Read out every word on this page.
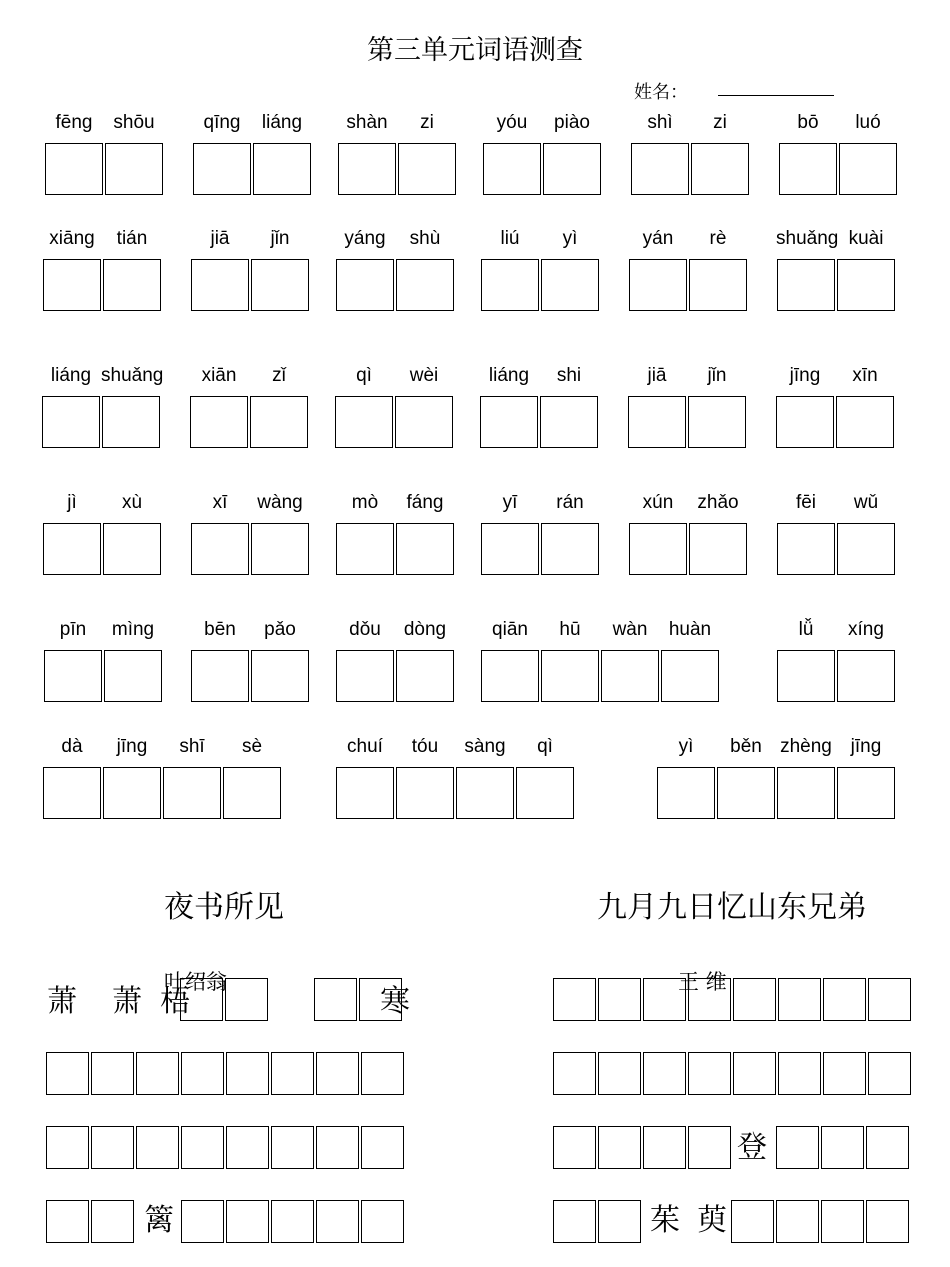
第三单元词语测查
姓名：
fēng	shōu	qīng	liáng	shàn	zi	yóu	piào	shì	zi	bō	luó
xiāng	tián	jiā	jǐn	yáng	shù	liú	yì	yán	rè	shuǎng kuài
liáng shuǎng	xiān	zǐ	qì	wèi	liáng	shi	jiā	jǐn	jīng	xīn
jì	xù	xī	wàng	mò	fáng	yī	rán	xún	zhǎo	fēi	wǔ
pīn	mìng	bēn	pǎo	dǒu	dòng	qiān	hū	wàn	huàn	lǚ	xíng
dà	jīng	shī	sè	chuí	tóu	sàng	qì	yì	běn zhèng jīng
夜书所见
叶绍翁
萧 萧 梧	寒
篱
九月九日忆山东兄弟
王 维
登
茱 萸
